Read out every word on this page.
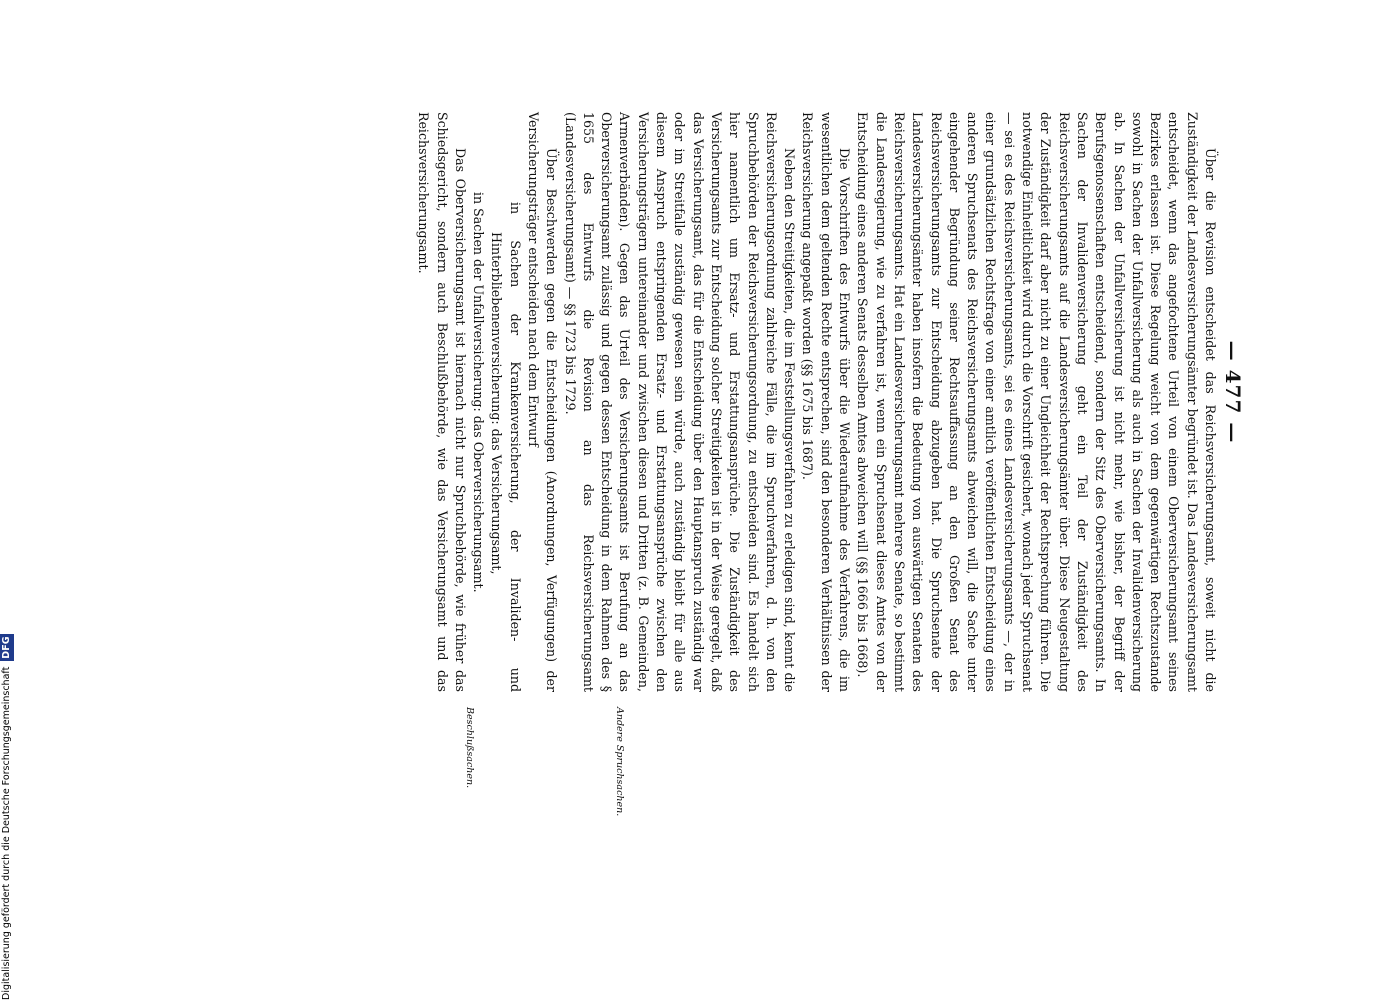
— 477 —

Über die Revision entscheidet das Reichsversicherungsamt, soweit nicht die Zuständigkeit der Landesversicherungsämter begründet ist. Das Landesversicherungsamt entscheidet, wenn das angefochtene Urteil von einem Oberversicherungsamt seines Bezirkes erlassen ist. Diese Regelung weicht von dem gegenwärtigen Rechtszustande sowohl in Sachen der Unfallversicherung als auch in Sachen der Invalidenversicherung ab. In Sachen der Unfallversicherung ist nicht mehr, wie bisher, der Begriff der Berufsgenossenschaften entscheidend, sondern der Sitz des Oberversicherungsamts. In Sachen der Invalidenversicherung geht ein Teil der Zuständigkeit des Reichsversicherungsamts auf die Landesversicherungsämter über. Diese Neugestaltung der Zuständigkeit darf aber nicht zu einer Ungleichheit der Rechtsprechung führen. Die notwendige Einheitlichkeit wird durch die Vorschrift gesichert, wonach jeder Spruchsenat — sei es des Reichsversicherungsamts, sei es eines Landesversicherungsamts —, der in einer grundsätzlichen Rechtsfrage von einer amtlich veröffentlichten Entscheidung eines anderen Spruchsenats des Reichsversicherungsamts abweichen will, die Sache unter eingehender Begründung seiner Rechtsauffassung an den Großen Senat des Reichsversicherungsamts zur Entscheidung abzugeben hat. Die Spruchsenate der Landesversicherungsämter haben insofern die Bedeutung von auswärtigen Senaten des Reichsversicherungsamts. Hat ein Landesversicherungsamt mehrere Senate, so bestimmt die Landesregierung, wie zu verfahren ist, wenn ein Spruchsenat dieses Amtes von der Entscheidung eines anderen Senats desselben Amtes abweichen will (§§ 1666 bis 1668).

Die Vorschriften des Entwurfs über die Wiederaufnahme des Verfahrens, die im wesentlichen dem geltenden Rechte entsprechen, sind den besonderen Verhältnissen der Reichsversicherung angepaßt worden (§§ 1675 bis 1687).

Neben den Streitigkeiten, die im Feststellungsverfahren zu erledigen sind, kennt die Reichsversicherungsordnung zahlreiche Fälle, die im Spruchverfahren, d. h. von den Spruchbehörden der Reichsversicherungsordnung, zu entscheiden sind. Es handelt sich hier namentlich um Ersatz- und Erstattungsansprüche. Die Zuständigkeit des Versicherungsamts zur Entscheidung solcher Streitigkeiten ist in der Weise geregelt, daß das Versicherungsamt, das für die Entscheidung über den Hauptanspruch zuständig war oder im Streitfalle zuständig gewesen sein würde, auch zuständig bleibt für alle aus diesem Anspruch entspringenden Ersatz- und Erstattungsansprüche zwischen den Versicherungsträgern untereinander und zwischen diesen und Dritten (z. B. Gemeinden, Armenverbänden). Gegen das Urteil des Versicherungsamts ist Berufung an das Oberversicherungsamt zulässig und gegen dessen Entscheidung in dem Rahmen des § 1655 des Entwurfs die Revision an das Reichsversicherungsamt (Landesversicherungsamt) — §§ 1723 bis 1729.

Über Beschwerden gegen die Entscheidungen (Anordnungen, Verfügungen) der Versicherungsträger entscheiden nach dem Entwurf

in Sachen der Krankenversicherung, der Invaliden- und Hinterbliebenenversicherung: das Versicherungsamt,

in Sachen der Unfallversicherung: das Oberversicherungsamt.

Das Oberversicherungsamt ist hiernach nicht nur Spruchbehörde, wie früher das Schiedsgericht, sondern auch Beschlußbehörde, wie das Versicherungsamt und das Reichsversicherungsamt.

Andere Spruchsachen.
Beschlußsachen.
Digitalisierung gefördert durch die Deutsche ForschungsgemeinschaftDFG
